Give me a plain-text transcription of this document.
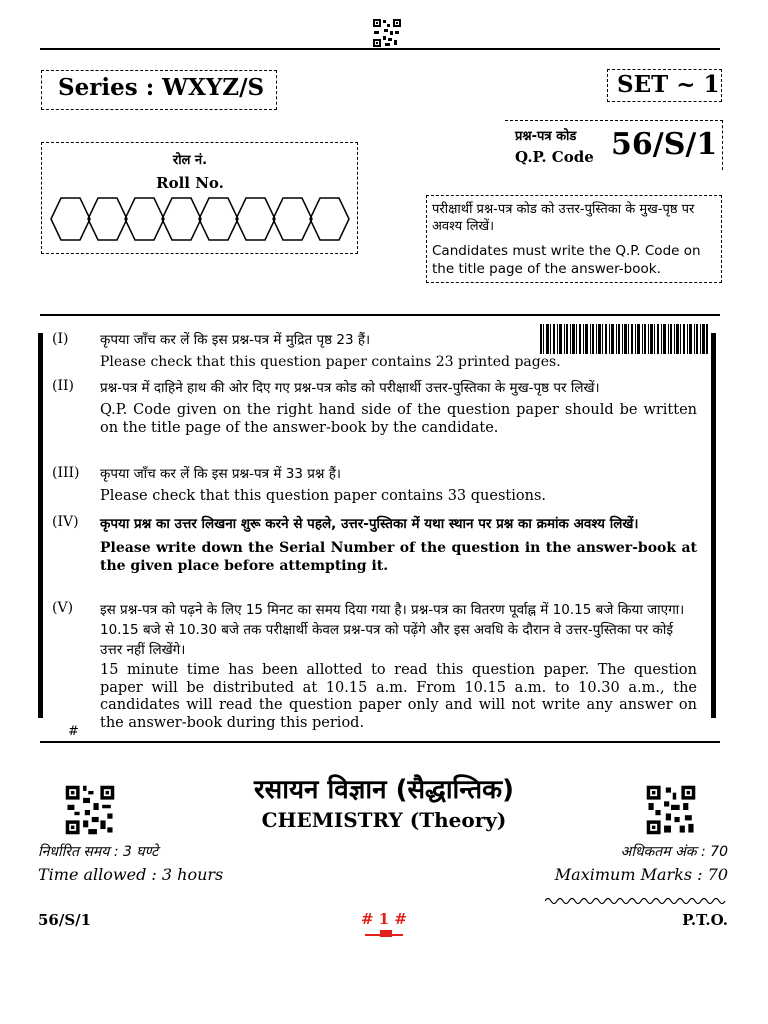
Series : WXYZ/S	SET ~ 1
प्रश्न-पत्र कोड
Q.P. Code 56/S/1
रोल नं.
Roll No.
परीक्षार्थी प्रश्न-पत्र कोड को उत्तर-पुस्तिका के मुख-पृष्ठ पर अवश्य लिखें।
Candidates must write the Q.P. Code on the title page of the answer-book.
(I)	कृपया जाँच कर लें कि इस प्रश्न-पत्र में मुद्रित पृष्ठ 23 हैं।
Please check that this question paper contains 23 printed pages.
(II)	प्रश्न-पत्र में दाहिने हाथ की ओर दिए गए प्रश्न-पत्र कोड को परीक्षार्थी उत्तर-पुस्तिका के मुख-पृष्ठ पर लिखें।
Q.P. Code given on the right hand side of the question paper should be written on the title page of the answer-book by the candidate.
(III)	कृपया जाँच कर लें कि इस प्रश्न-पत्र में 33 प्रश्न हैं।
Please check that this question paper contains 33 questions.
(IV)	कृपया प्रश्न का उत्तर लिखना शुरू करने से पहले, उत्तर-पुस्तिका में यथा स्थान पर प्रश्न का क्रमांक अवश्य लिखें।
Please write down the Serial Number of the question in the answer-book at the given place before attempting it.
(V)	इस प्रश्न-पत्र को पढ़ने के लिए 15 मिनट का समय दिया गया है। प्रश्न-पत्र का वितरण पूर्वाह्न में 10.15 बजे किया जाएगा। 10.15 बजे से 10.30 बजे तक परीक्षार्थी केवल प्रश्न-पत्र को पढ़ेंगे और इस अवधि के दौरान वे उत्तर-पुस्तिका पर कोई उत्तर नहीं लिखेंगे।
15 minute time has been allotted to read this question paper. The question paper will be distributed at 10.15 a.m. From 10.15 a.m. to 10.30 a.m., the candidates will read the question paper only and will not write any answer on the answer-book during this period.
#
रसायन विज्ञान (सैद्धान्तिक)
CHEMISTRY (Theory)
निर्धारित समय : 3 घण्टे
Time allowed : 3 hours
अधिकतम अंक : 70
Maximum Marks : 70
56/S/1	# 1 #	P.T.O.
